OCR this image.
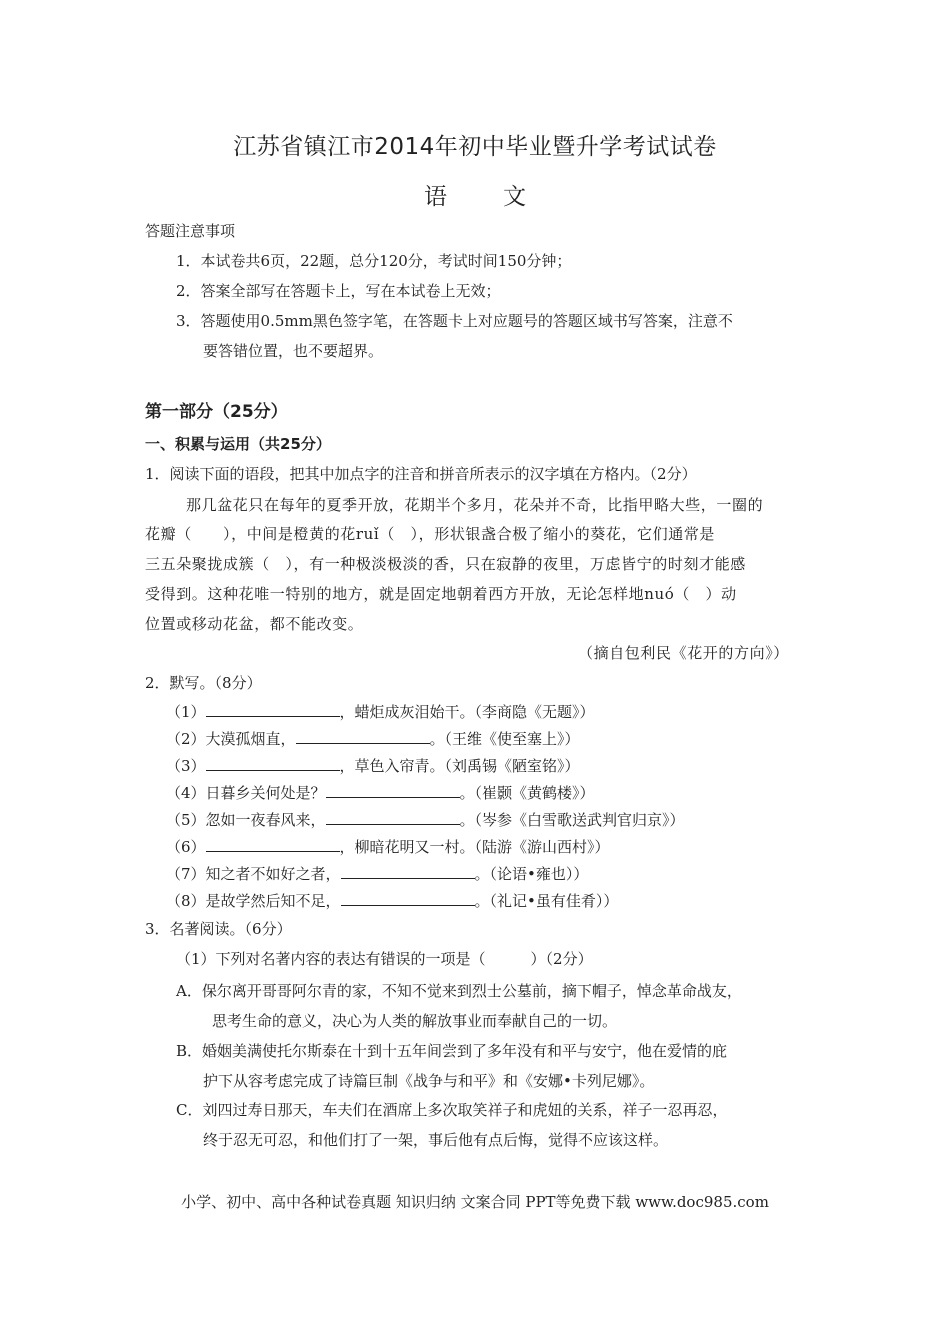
江苏省镇江市2014年初中毕业暨升学考试试卷
语 文
答题注意事项
1．本试卷共6页，22题，总分120分，考试时间150分钟；
2．答案全部写在答题卡上，写在本试卷上无效；
3．答题使用0.5mm黑色签字笔，在答题卡上对应题号的答题区域书写答案，注意不
要答错位置，也不要超界。
第一部分（25分）
一、积累与运用（共25分）
1．阅读下面的语段，把其中加点字的注音和拼音所表示的汉字填在方格内。（2分）
那几盆花只在每年的夏季开放，花期半个多月，花朵并不奇，比指甲略大些，一圈的
花瓣（　　），中间是橙黄的花ruǐ（　），形状银盏合极了缩小的葵花，它们通常是
三五朵聚拢成簇（　），有一种极淡极淡的香，只在寂静的夜里，万虑皆宁的时刻才能感
受得到。这种花唯一特别的地方，就是固定地朝着西方开放，无论怎样地nuó（　）动
位置或移动花盆，都不能改变。
（摘自包利民《花开的方向》）
2．默写。（8分）
（1）	，蜡炬成灰泪始干。（李商隐《无题》）
（2）大漠孤烟直，	。（王维《使至塞上》）
（3）	，草色入帘青。（刘禹锡《陋室铭》）
（4）日暮乡关何处是？	。（崔颢《黄鹤楼》）
（5）忽如一夜春风来，	。（岑参《白雪歌送武判官归京》）
（6）	，柳暗花明又一村。（陆游《游山西村》）
（7）知之者不如好之者，	。（论语•雍也））
（8）是故学然后知不足，	。（礼记•虽有佳肴））
3．名著阅读。（6分）
（1）下列对名著内容的表达有错误的一项是（　　　）（2分）
A．保尔离开哥哥阿尔青的家，不知不觉来到烈士公墓前，摘下帽子，悼念革命战友，
思考生命的意义，决心为人类的解放事业而奉献自己的一切。
B．婚姻美满使托尔斯泰在十到十五年间尝到了多年没有和平与安宁，他在爱情的庇
护下从容考虑完成了诗篇巨制《战争与和平》和《安娜•卡列尼娜》。
C．刘四过寿日那天，车夫们在酒席上多次取笑祥子和虎妞的关系，祥子一忍再忍，
终于忍无可忍，和他们打了一架，事后他有点后悔，觉得不应该这样。
小学、初中、高中各种试卷真题 知识归纳 文案合同 PPT等免费下载 www.doc985.com
